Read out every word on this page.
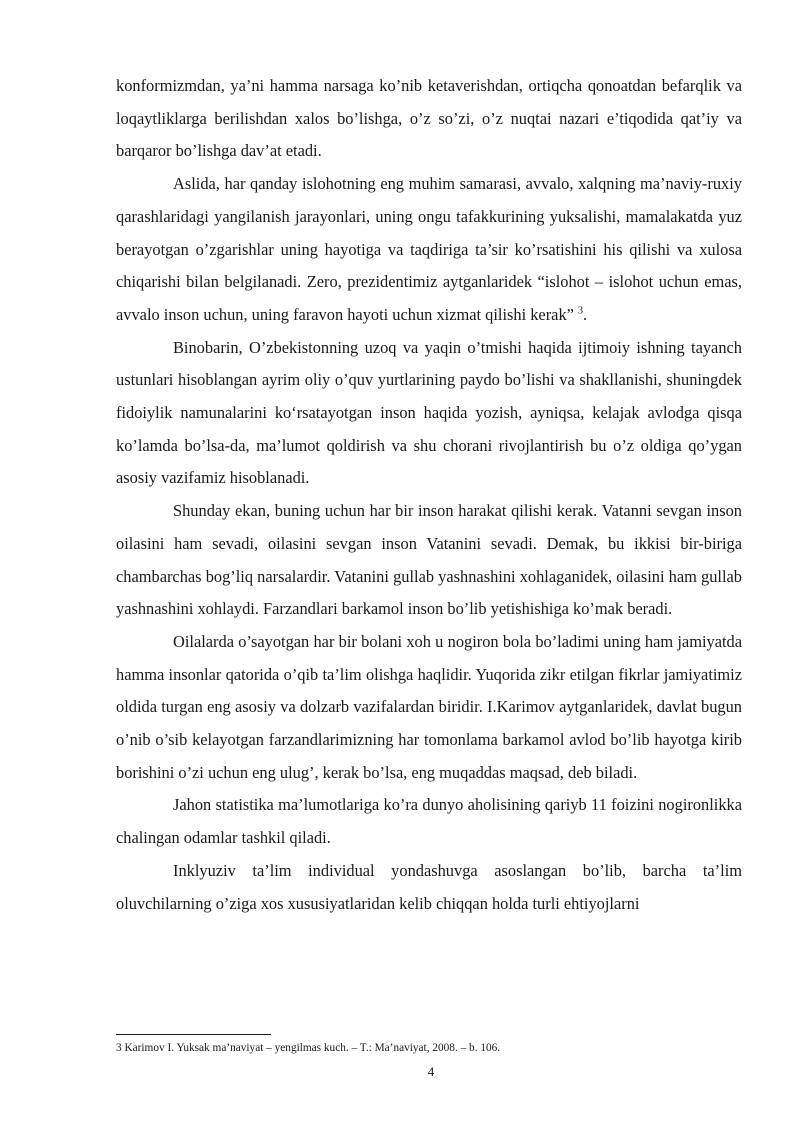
konformizmdan, ya’ni hamma narsaga ko’nib ketaverishdan, ortiqcha qonoatdan befarqlik va loqaytliklarga berilishdan xalos bo’lishga, o’z so’zi, o’z nuqtai nazari e’tiqodida qat’iy va barqaror bo’lishga dav’at etadi.

Aslida, har qanday islohotning eng muhim samarasi, avvalo, xalqning ma’naviy-ruxiy qarashlaridagi yangilanish jarayonlari, uning ongu tafakkurining yuksalishi, mamalakatda yuz berayotgan o’zgarishlar uning hayotiga va taqdiriga ta’sir ko’rsatishini his qilishi va xulosa chiqarishi bilan belgilanadi. Zero, prezidentimiz aytganlaridek “islohot – islohot uchun emas, avvalo inson uchun, uning faravon hayoti uchun xizmat qilishi kerak” $^3$.

Binobarin, O’zbekistonning uzoq va yaqin o’tmishi haqida ijtimoiy ishning tayanch ustunlari hisoblangan ayrim oliy o’quv yurtlarining paydo bo’lishi va shakllanishi, shuningdek fidoiylik namunalarini koʻrsatayotgan inson haqida yozish, ayniqsa, kelajak avlodga qisqa ko’lamda bo’lsa-da, ma’lumot qoldirish va shu chorani rivojlantirish bu o’z oldiga qo’ygan asosiy vazifamiz hisoblanadi.

Shunday ekan, buning uchun har bir inson harakat qilishi kerak. Vatanni sevgan inson oilasini ham sevadi, oilasini sevgan inson Vatanini sevadi. Demak, bu ikkisi bir-biriga chambarchas bog’liq narsalardir. Vatanini gullab yashnashini xohlaganidek, oilasini ham gullab yashnashini xohlaydi. Farzandlari barkamol inson bo’lib yetishishiga ko’mak beradi.

Oilalarda o’sayotgan har bir bolani xoh u nogiron bola bo’ladimi uning ham jamiyatda hamma insonlar qatorida o’qib ta’lim olishga haqlidir. Yuqorida zikr etilgan fikrlar jamiyatimiz oldida turgan eng asosiy va dolzarb vazifalardan biridir. I.Karimov aytganlaridek, davlat bugun o’nib o’sib kelayotgan farzandlarimizning har tomonlama barkamol avlod bo’lib hayotga kirib borishini o’zi uchun eng ulug’, kerak bo’lsa, eng muqaddas maqsad, deb biladi.

Jahon statistika ma’lumotlariga ko’ra dunyo aholisining qariyb 11 foizini nogironlikka chalingan odamlar tashkil qiladi.

Inklyuziv ta’lim individual yondashuvga asoslangan bo’lib, barcha ta’lim oluvchilarning o’ziga xos xususiyatlaridan kelib chiqqan holda turli ehtiyojlarni

3 Karimov I. Yuksak ma’naviyat – yengilmas kuch. – T.: Ma’naviyat, 2008. – b. 106.

4
